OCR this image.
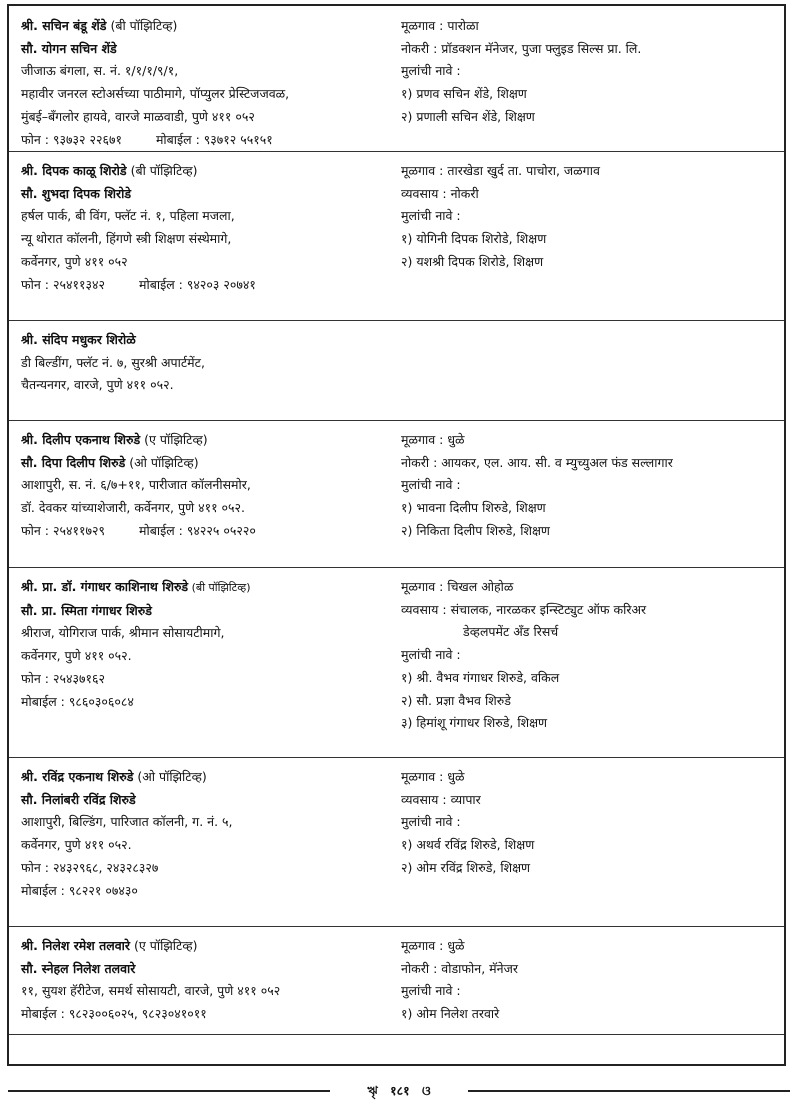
श्री. सचिन बंडू शेंडे (बी पॉझिटिव्ह)
सौ. योगन सचिन शेंडे
जीजाऊ बंगला, स. नं. १/१/१/९/१,
महावीर जनरल स्टोअर्सच्या पाठीमागे, पॉप्युलर प्रेस्टिजजवळ,
मुंबई–बँगलोर हायवे, वारजे माळवाडी, पुणे ४११ ०५२
फोन : ९३७३२ २२६७१	मोबाईल : ९३७१२ ५५१५१
मूळगाव : पारोळा
नोकरी : प्रॉडक्शन मॅनेजर, पुजा फ्लुइड सिल्स प्रा. लि.
मुलांची नावे :
१) प्रणव सचिन शेंडे, शिक्षण
२) प्रणाली सचिन शेंडे, शिक्षण
श्री. दिपक काळू शिरोडे (बी पॉझिटिव्ह)
सौ. शुभदा दिपक शिरोडे
हर्षल पार्क, बी विंग, फ्लॅट नं. १, पहिला मजला,
न्यू थोरात कॉलनी, हिंगणे स्त्री शिक्षण संस्थेमागे,
कर्वेनगर, पुणे ४११ ०५२
फोन : २५४११३४२	मोबाईल : ९४२०३ २०७४१
मूळगाव : तारखेडा खुर्द ता. पाचोरा, जळगाव
व्यवसाय : नोकरी
मुलांची नावे :
१) योगिनी दिपक शिरोडे, शिक्षण
२) यशश्री दिपक शिरोडे, शिक्षण
श्री. संदिप मधुकर शिरोळे
डी बिल्डींग, फ्लॅट नं. ७, सुरश्री अपार्टमेंट,
चैतन्यनगर, वारजे, पुणे ४११ ०५२.
श्री. दिलीप एकनाथ शिरुडे (ए पॉझिटिव्ह)
सौ. दिपा दिलीप शिरुडे (ओ पॉझिटिव्ह)
आशापुरी, स. नं. ६/७+११, पारीजात कॉलनीसमोर,
डॉ. देवकर यांच्याशेजारी, कर्वेनगर, पुणे ४११ ०५२.
फोन : २५४११७२९	मोबाईल : ९४२२५ ०५२२०
मूळगाव : धुळे
नोकरी : आयकर, एल. आय. सी. व म्युच्युअल फंड सल्लागार
मुलांची नावे :
१) भावना दिलीप शिरुडे, शिक्षण
२) निकिता दिलीप शिरुडे, शिक्षण
श्री. प्रा. डॉ. गंगाधर काशिनाथ शिरुडे (बी पॉझिटिव्ह)
सौ. प्रा. स्मिता गंगाधर शिरुडे
श्रीराज, योगिराज पार्क, श्रीमान सोसायटीमागे,
कर्वेनगर, पुणे ४११ ०५२.
फोन : २५४३७१६२
मोबाईल : ९८६०३०६०८४
मूळगाव : चिखल ओहोळ
व्यवसाय : संचालक, नारळकर इन्स्टिट्युट ऑफ करिअर
डेव्हलपमेंट अँड रिसर्च
मुलांची नावे :
१) श्री. वैभव गंगाधर शिरुडे, वकिल
२) सौ. प्रज्ञा वैभव शिरुडे
३) हिमांशू गंगाधर शिरुडे, शिक्षण
श्री. रविंद्र एकनाथ शिरुडे (ओ पॉझिटिव्ह)
सौ. निलांबरी रविंद्र शिरुडे
आशापुरी, बिल्डिंग, पारिजात कॉलनी, ग. नं. ५,
कर्वेनगर, पुणे ४११ ०५२.
फोन : २४३२९६८, २४३२८३२७
मोबाईल : ९८२२१ ०७४३०
मूळगाव : धुळे
व्यवसाय : व्यापार
मुलांची नावे :
१) अथर्व रविंद्र शिरुडे, शिक्षण
२) ओम रविंद्र शिरुडे, शिक्षण
श्री. निलेश रमेश तलवारे (ए पॉझिटिव्ह)
सौ. स्नेहल निलेश तलवारे
११, सुयश हॅरीटेज, समर्थ सोसायटी, वारजे, पुणे ४११ ०५२
मोबाईल : ९८२३००६०२५, ९८२३०४१०११
मूळगाव : धुळे
नोकरी : वोडाफोन, मॅनेजर
मुलांची नावे :
१) ओम निलेश तरवारे
ৠ १८१ ଓ
